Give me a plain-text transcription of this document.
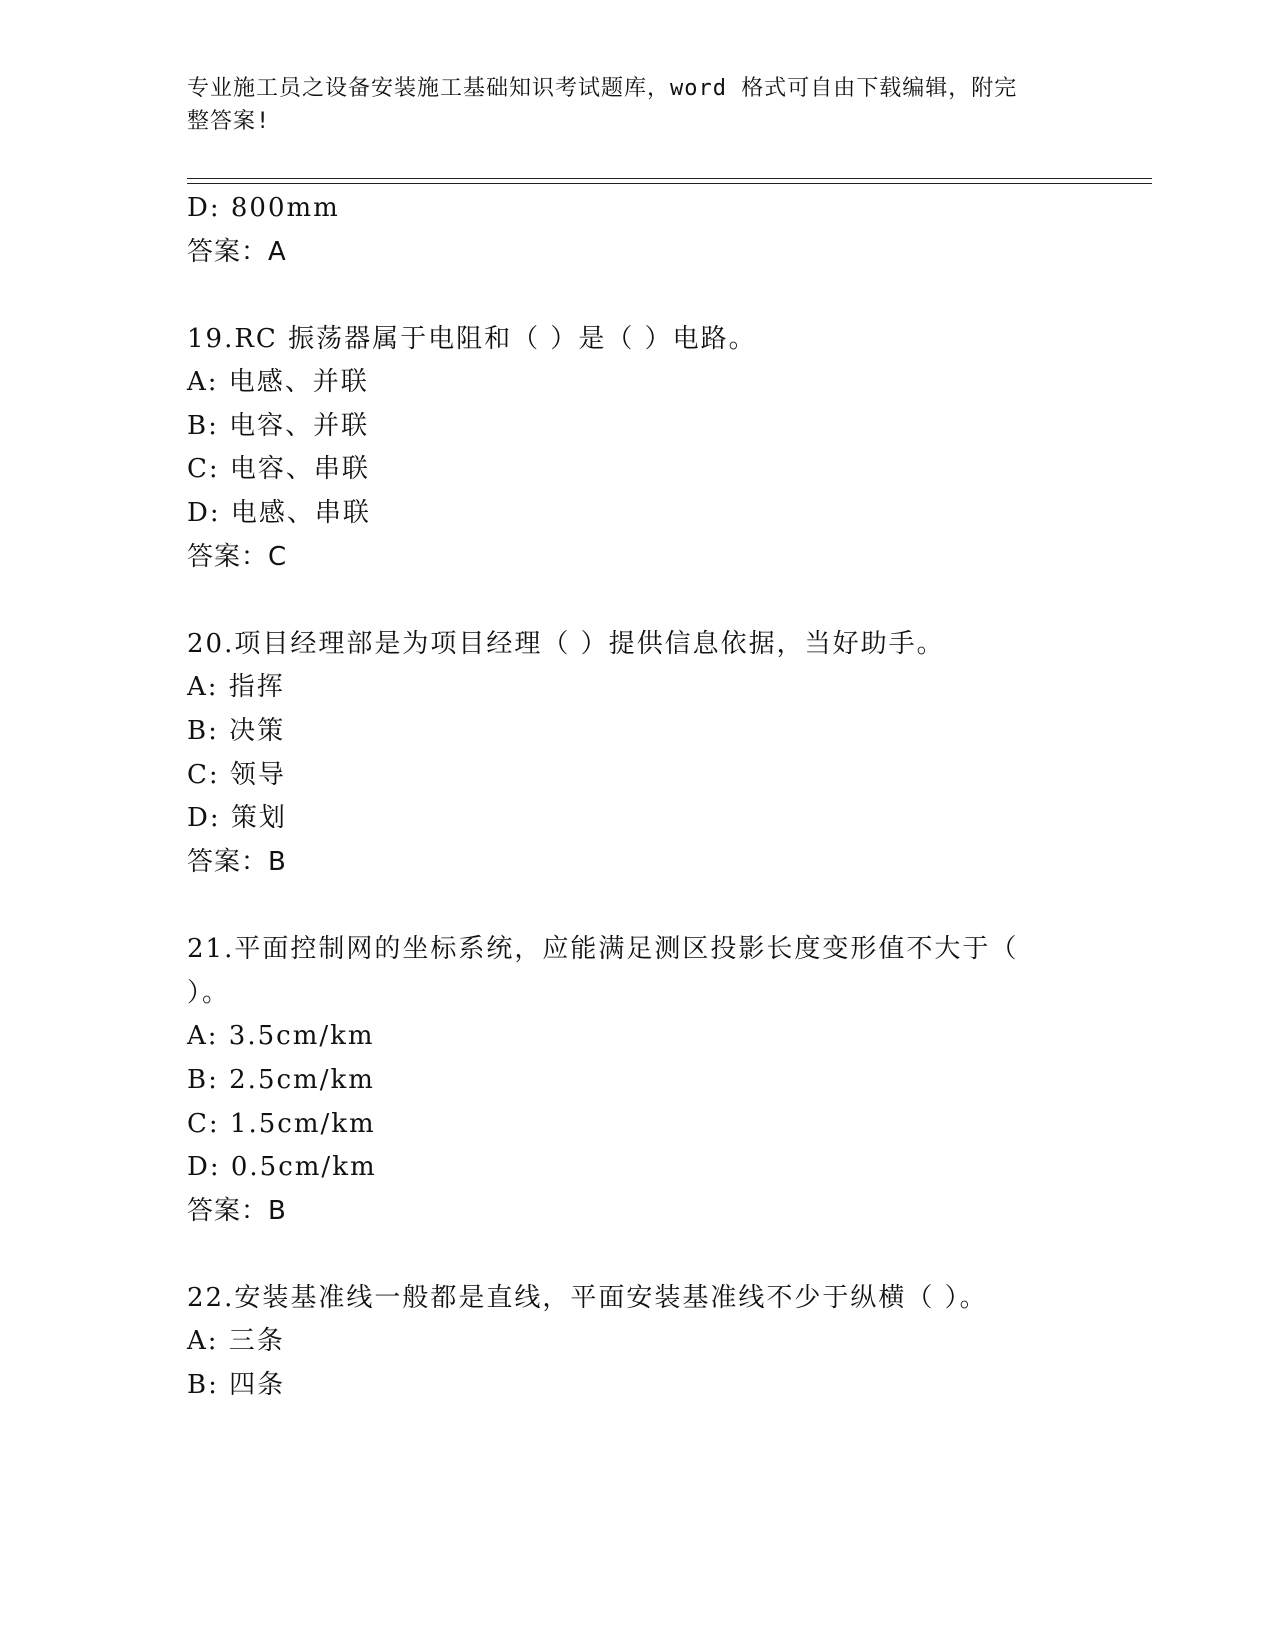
专业施工员之设备安装施工基础知识考试题库，word 格式可自由下载编辑，附完
整答案!
D: 800mm
答案：A
19.RC 振荡器属于电阻和（ ）是（ ）电路。
A: 电感、并联
B: 电容、并联
C: 电容、串联
D: 电感、串联
答案：C
20.项目经理部是为项目经理（ ）提供信息依据，当好助手。
A: 指挥
B: 决策
C: 领导
D: 策划
答案：B
21.平面控制网的坐标系统，应能满足测区投影长度变形值不大于（
）。
A: 3.5cm/km
B: 2.5cm/km
C: 1.5cm/km
D: 0.5cm/km
答案：B
22.安装基准线一般都是直线，平面安装基准线不少于纵横（ ）。
A: 三条
B: 四条
